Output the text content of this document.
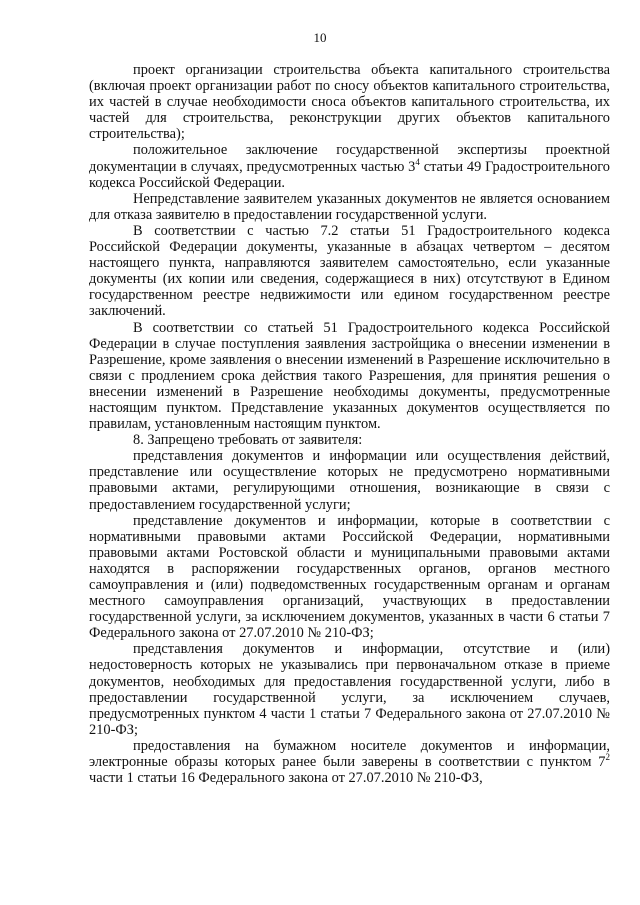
10

проект организации строительства объекта капитального строительства (включая проект организации работ по сносу объектов капитального строительства, их частей в случае необходимости сноса объектов капитального строительства, их частей для строительства, реконструкции других объектов капитального строительства);

положительное заключение государственной экспертизы проектной документации в случаях, предусмотренных частью $3^4$ статьи 49 Градостроительного кодекса Российской Федерации.

Непредставление заявителем указанных документов не является основанием для отказа заявителю в предоставлении государственной услуги.

В соответствии с частью 7.2 статьи 51 Градостроительного кодекса Российской Федерации документы, указанные в абзацах четвертом – десятом настоящего пункта, направляются заявителем самостоятельно, если указанные документы (их копии или сведения, содержащиеся в них) отсутствуют в Едином государственном реестре недвижимости или едином государственном реестре заключений.

В соответствии со статьей 51 Градостроительного кодекса Российской Федерации в случае поступления заявления застройщика о внесении изменении в Разрешение, кроме заявления о внесении изменений в Разрешение исключительно в связи с продлением срока действия такого Разрешения, для принятия решения о внесении изменений в Разрешение необходимы документы, предусмотренные настоящим пунктом. Представление указанных документов осуществляется по правилам, установленным настоящим пунктом.

8. Запрещено требовать от заявителя:

представления документов и информации или осуществления действий, представление или осуществление которых не предусмотрено нормативными правовыми актами, регулирующими отношения, возникающие в связи с предоставлением государственной услуги;

представление документов и информации, которые в соответствии с нормативными правовыми актами Российской Федерации, нормативными правовыми актами Ростовской области и муниципальными правовыми актами находятся в распоряжении государственных органов, органов местного самоуправления и (или) подведомственных государственным органам и органам местного самоуправления организаций, участвующих в предоставлении государственной услуги, за исключением документов, указанных в части 6 статьи 7 Федерального закона от 27.07.2010 № 210-ФЗ;

представления документов и информации, отсутствие и (или) недостоверность которых не указывались при первоначальном отказе в приеме документов, необходимых для предоставления государственной услуги, либо в предоставлении государственной услуги, за исключением случаев, предусмотренных пунктом 4 части 1 статьи 7 Федерального закона от 27.07.2010 № 210-ФЗ;

предоставления на бумажном носителе документов и информации, электронные образы которых ранее были заверены в соответствии с пунктом $7^2$ части 1 статьи 16 Федерального закона от 27.07.2010 № 210-ФЗ,
